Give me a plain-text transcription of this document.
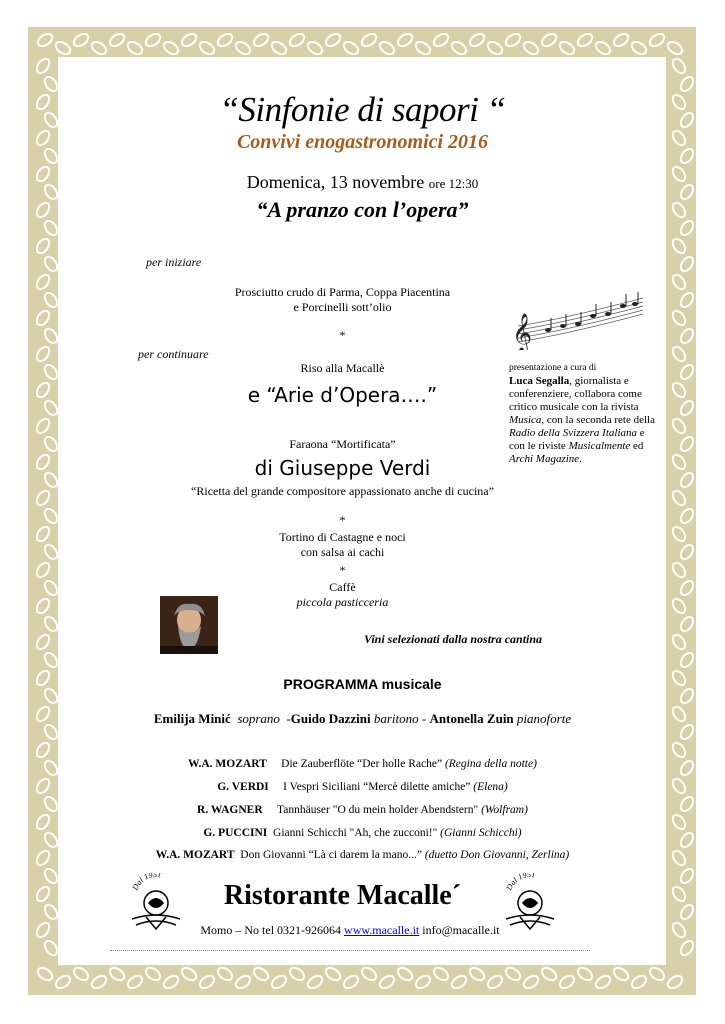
“Sinfonie di sapori “
Convivi enogastronomici 2016
Domenica, 13 novembre ore 12:30
“A pranzo con l’opera”
per iniziare
Prosciutto crudo di Parma, Coppa Piacentina
e Porcinelli sott’olio
*
per continuare
Riso alla Macallè
e “Arie d’Opera….”
Faraona “Mortificata”
di Giuseppe Verdi
“Ricetta del grande compositore appassionato anche di cucina”
*
Tortino di Castagne e noci
con salsa ai cachi
*
Caffè
piccola pasticceria
Vini selezionati dalla nostra cantina
𝄞
presentazione a cura di
Luca Segalla, giornalista e conferenziere, collabora come critico musicale con la rivista Musica, con la seconda rete della Radio della Svizzera Italiana e con le riviste Musicalmente ed Archi Magazine.
PROGRAMMA musicale
Emilija Minić soprano -Guido Dazzini baritono - Antonella Zuin pianoforte
W.A. MOZART Die Zauberflöte “Der holle Rache” (Regina della notte)
G. VERDI I Vespri Siciliani “Mercè dilette amiche” (Elena)
R. WAGNER Tannhäuser "O du mein holder Abendstern" (Wolfram)
G. PUCCINI Gianni Schicchi "Ah, che zucconi!" (Gianni Schicchi)
W.A. MOZART Don Giovanni “Là ci darem la mano...” (duetto Don Giovanni, Zerlina)
Dal 1951
Dal 1951
Ristorante Macalle´
Momo – No tel 0321-926064 www.macalle.it info@macalle.it
